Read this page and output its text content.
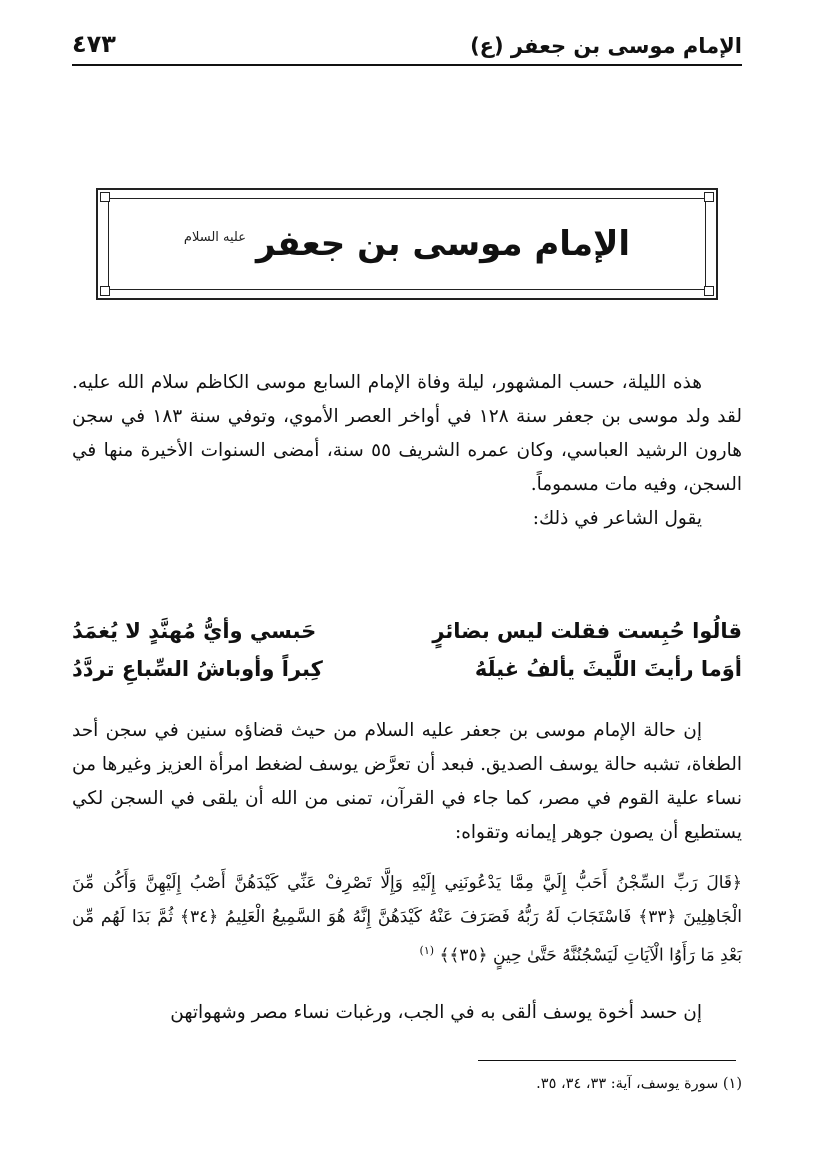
الإمام موسى بن جعفر (ع)
٤٧٣
الإمام موسى بن جعفر
عليه السلام
هذه الليلة، حسب المشهور، ليلة وفاة الإمام السابع موسى الكاظم سلام الله عليه. لقد ولد موسى بن جعفر سنة ١٢٨ في أواخر العصر الأموي، وتوفي سنة ١٨٣ في سجن هارون الرشيد العباسي، وكان عمره الشريف ٥٥ سنة، أمضى السنوات الأخيرة منها في السجن، وفيه مات مسموماً.
يقول الشاعر في ذلك:
قالُوا حُبِست فقلت ليس بضائرٍ
حَبسي وأيُّ مُهنَّدٍ لا يُغمَدُ
أوَما رأيتَ اللَّيثَ يألفُ غيلَهُ
كِبراً وأوباشُ السِّباعِ تردَّدُ
إن حالة الإمام موسى بن جعفر عليه السلام من حيث قضاؤه سنين في سجن أحد الطغاة، تشبه حالة يوسف الصديق. فبعد أن تعرَّض يوسف لضغط امرأة العزيز وغيرها من نساء علية القوم في مصر، كما جاء في القرآن، تمنى من الله أن يلقى في السجن لكي يستطيع أن يصون جوهر إيمانه وتقواه:
﴿قَالَ رَبِّ السِّجْنُ أَحَبُّ إِلَيَّ مِمَّا يَدْعُونَنِي إِلَيْهِ وَإِلَّا تَصْرِفْ عَنِّي كَيْدَهُنَّ أَصْبُ إِلَيْهِنَّ وَأَكُن مِّنَ الْجَاهِلِينَ ﴿٣٣﴾ فَاسْتَجَابَ لَهُ رَبُّهُ فَصَرَفَ عَنْهُ كَيْدَهُنَّ إِنَّهُ هُوَ السَّمِيعُ الْعَلِيمُ ﴿٣٤﴾ ثُمَّ بَدَا لَهُم مِّن بَعْدِ مَا رَأَوُا الْآيَاتِ لَيَسْجُنُنَّهُ حَتَّىٰ حِينٍ ﴿٣٥﴾﴾ $^{(١)}$
إن حسد أخوة يوسف ألقى به في الجب، ورغبات نساء مصر وشهواتهن
(١) سورة يوسف، آية: ٣٣، ٣٤، ٣٥.
